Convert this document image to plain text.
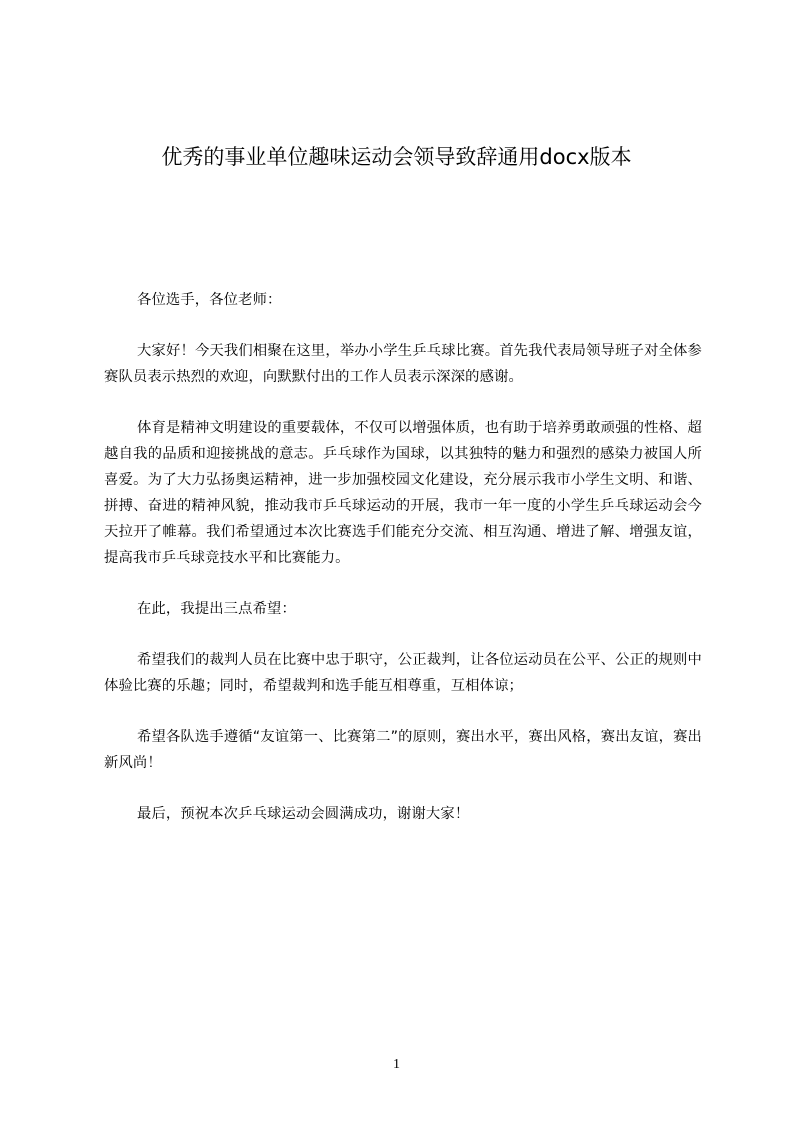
优秀的事业单位趣味运动会领导致辞通用docx版本

各位选手，各位老师：

大家好！今天我们相聚在这里，举办小学生乒乓球比赛。首先我代表局领导班子对全体参赛队员表示热烈的欢迎，向默默付出的工作人员表示深深的感谢。

体育是精神文明建设的重要载体，不仅可以增强体质，也有助于培养勇敢顽强的性格、超越自我的品质和迎接挑战的意志。乒乓球作为国球，以其独特的魅力和强烈的感染力被国人所喜爱。为了大力弘扬奥运精神，进一步加强校园文化建设，充分展示我市小学生文明、和谐、拼搏、奋进的精神风貌，推动我市乒乓球运动的开展，我市一年一度的小学生乒乓球运动会今天拉开了帷幕。我们希望通过本次比赛选手们能充分交流、相互沟通、增进了解、增强友谊，提高我市乒乓球竞技水平和比赛能力。

在此，我提出三点希望：

希望我们的裁判人员在比赛中忠于职守，公正裁判，让各位运动员在公平、公正的规则中体验比赛的乐趣；同时，希望裁判和选手能互相尊重，互相体谅；

希望各队选手遵循“友谊第一、比赛第二”的原则，赛出水平，赛出风格，赛出友谊，赛出新风尚！

最后，预祝本次乒乓球运动会圆满成功，谢谢大家！

1
